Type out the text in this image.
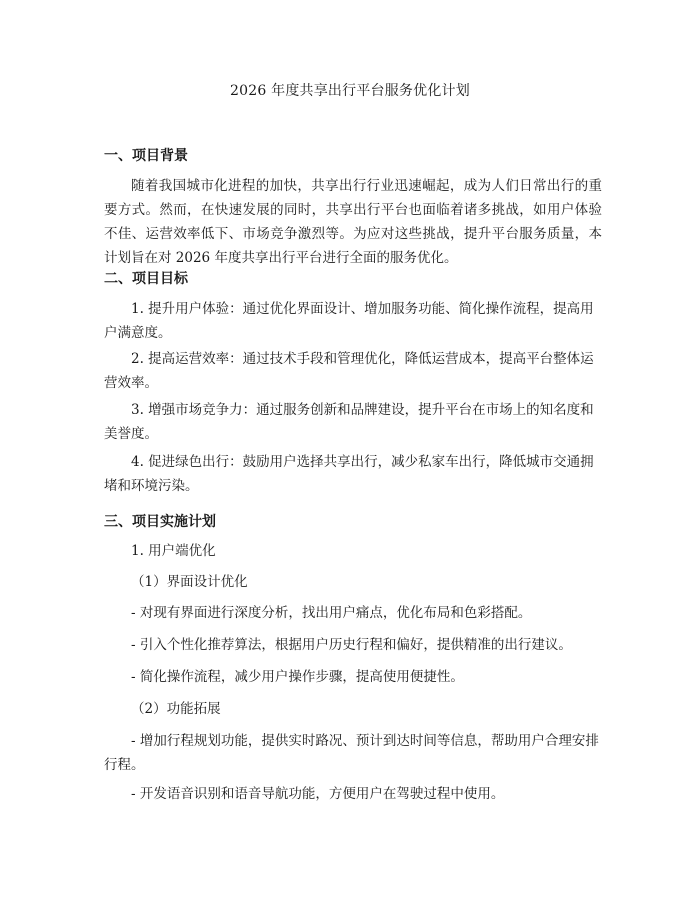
2026 年度共享出行平台服务优化计划
一、项目背景
随着我国城市化进程的加快，共享出行行业迅速崛起，成为人们日常出行的重要方式。然而，在快速发展的同时，共享出行平台也面临着诸多挑战，如用户体验不佳、运营效率低下、市场竞争激烈等。为应对这些挑战，提升平台服务质量，本计划旨在对 2026 年度共享出行平台进行全面的服务优化。
二、项目目标
1. 提升用户体验：通过优化界面设计、增加服务功能、简化操作流程，提高用户满意度。
2. 提高运营效率：通过技术手段和管理优化，降低运营成本，提高平台整体运营效率。
3. 增强市场竞争力：通过服务创新和品牌建设，提升平台在市场上的知名度和美誉度。
4. 促进绿色出行：鼓励用户选择共享出行，减少私家车出行，降低城市交通拥堵和环境污染。
三、项目实施计划
1. 用户端优化
（1）界面设计优化
- 对现有界面进行深度分析，找出用户痛点，优化布局和色彩搭配。
- 引入个性化推荐算法，根据用户历史行程和偏好，提供精准的出行建议。
- 简化操作流程，减少用户操作步骤，提高使用便捷性。
（2）功能拓展
- 增加行程规划功能，提供实时路况、预计到达时间等信息，帮助用户合理安排行程。
- 开发语音识别和语音导航功能，方便用户在驾驶过程中使用。
